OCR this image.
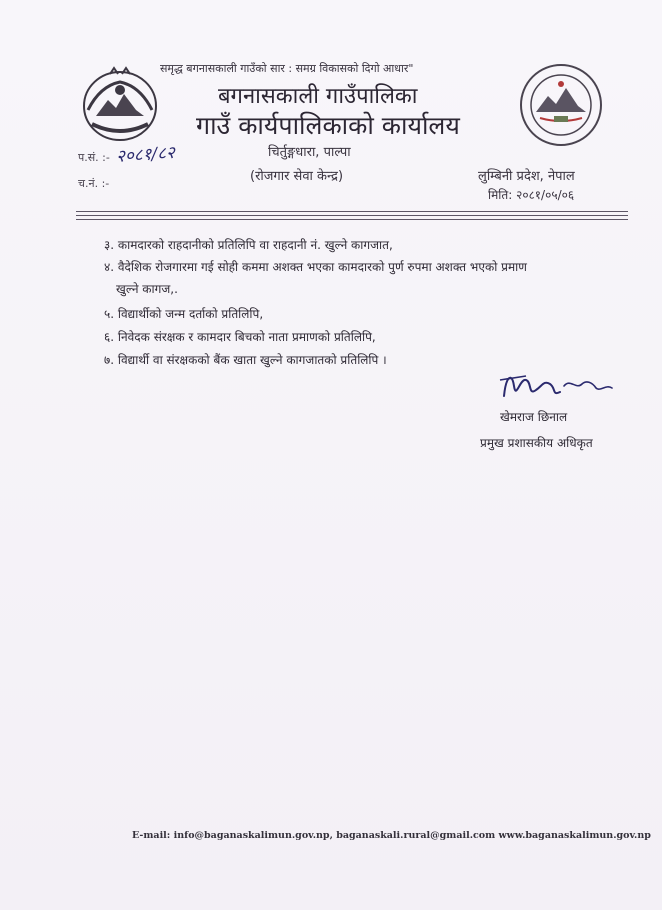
समृद्ध बगनासकाली गाउँको सार : समग्र विकासको दिगो आधार"
बगनासकाली गाउँपालिका
गाउँ कार्यपालिकाको कार्यालय
चिर्तुङ्गधारा, पाल्पा
(रोजगार सेवा केन्द्र)
प.सं. :- २०८१/८२
च.नं. :-	लुम्बिनी प्रदेश, नेपाल
मिति: २०८१/०५/०६
३. कामदारको राहदानीको प्रतिलिपि वा राहदानी नं. खुल्ने कागजात,
४. वैदेशिक रोजगारमा गई सोही कममा अशक्त भएका कामदारको पुर्ण रुपमा अशक्त भएको प्रमाण
खुल्ने कागज,.
५. विद्यार्थीको जन्म दर्ताको प्रतिलिपि,
६. निवेदक संरक्षक र कामदार बिचको नाता प्रमाणको प्रतिलिपि,
७. विद्यार्थी वा संरक्षकको बैंक खाता खुल्ने कागजातको प्रतिलिपि ।
खेमराज छिनाल
प्रमुख प्रशासकीय अधिकृत
E-mail: info@baganaskalimun.gov.np, baganaskali.rural@gmail.com www.baganaskalimun.gov.np
